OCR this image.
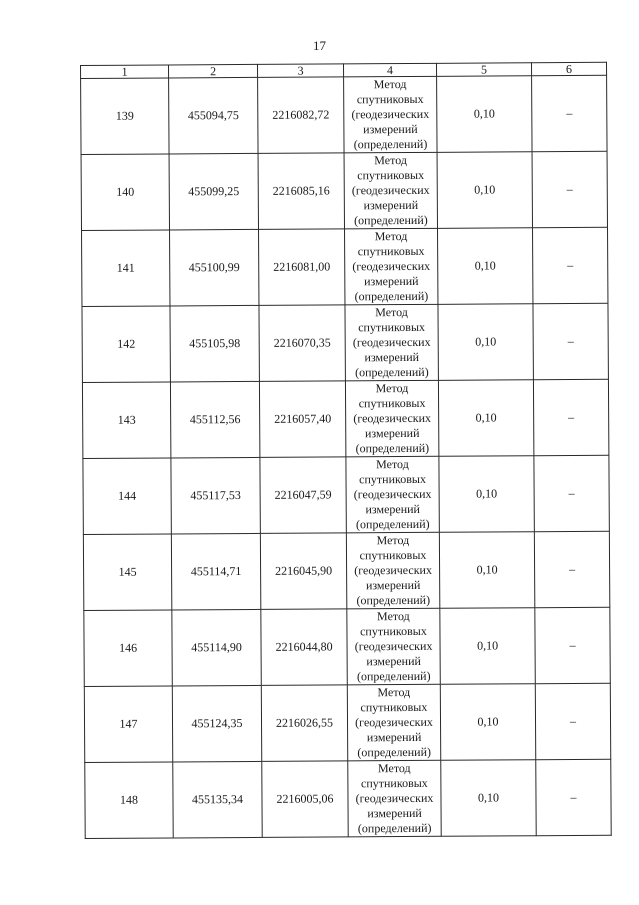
17
1	2	3	4	5	6
139	455094,75	2216082,72	Метод
спутниковых
(геодезических
измерений
(определений)	0,10	–
140	455099,25	2216085,16	Метод
спутниковых
(геодезических
измерений
(определений)	0,10	–
141	455100,99	2216081,00	Метод
спутниковых
(геодезических
измерений
(определений)	0,10	–
142	455105,98	2216070,35	Метод
спутниковых
(геодезических
измерений
(определений)	0,10	–
143	455112,56	2216057,40	Метод
спутниковых
(геодезических
измерений
(определений)	0,10	–
144	455117,53	2216047,59	Метод
спутниковых
(геодезических
измерений
(определений)	0,10	–
145	455114,71	2216045,90	Метод
спутниковых
(геодезических
измерений
(определений)	0,10	–
146	455114,90	2216044,80	Метод
спутниковых
(геодезических
измерений
(определений)	0,10	–
147	455124,35	2216026,55	Метод
спутниковых
(геодезических
измерений
(определений)	0,10	–
148	455135,34	2216005,06	Метод
спутниковых
(геодезических
измерений
(определений)	0,10	–
